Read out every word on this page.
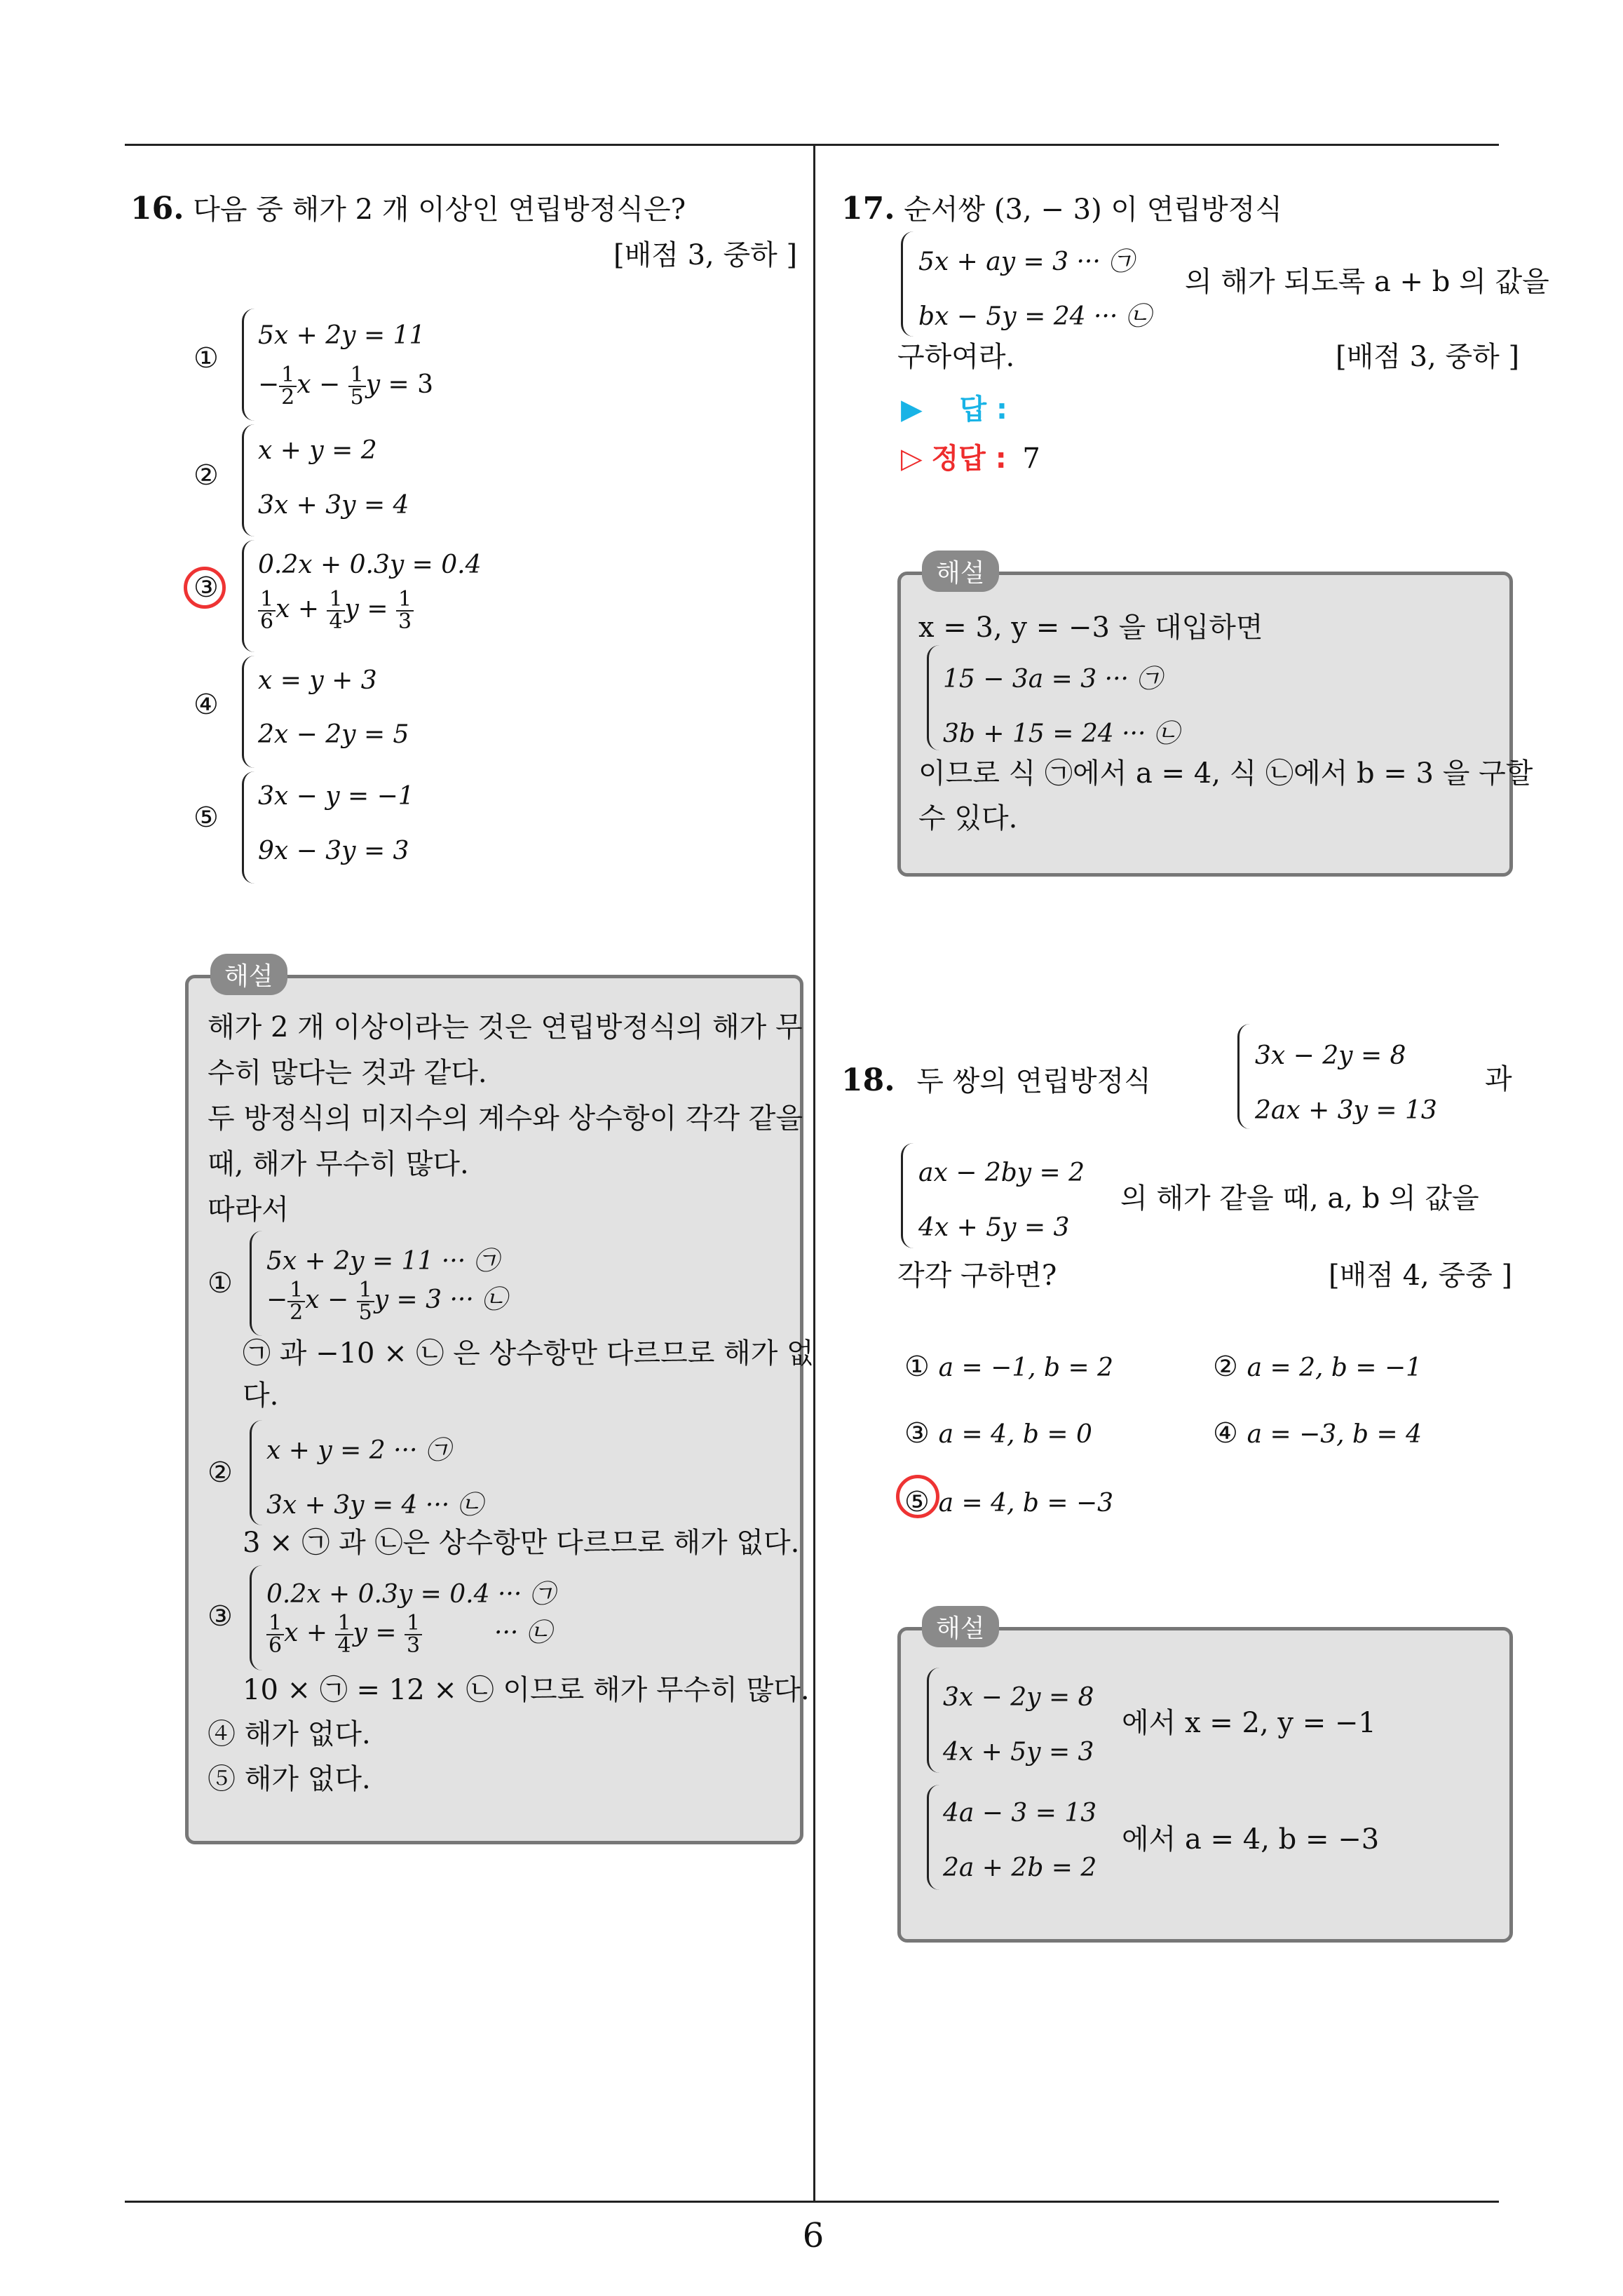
6
16. 다음 중 해가 2 개 이상인 연립방정식은?
[배점 3, 중하 ]
①
5x + 2y = 11
− $\frac{1}{2}$ $x - \frac{1}{5}$ y = 3
②
x + y = 2
3x + 3y = 4
③
0.2x + 0.3y = 0.4
$\frac{1}{6}$ $x + \frac{1}{4}$ $y = \frac{1}{3}$
④
x = y + 3
2x − 2y = 5
⑤
3x − y = −1
9x − 3y = 3
해설
해가 2 개 이상이라는 것은 연립방정식의 해가 무
수히 많다는 것과 같다.
두 방정식의 미지수의 계수와 상수항이 각각 같을
때, 해가 무수히 많다.
따라서
①
5x + 2y = 11 ··· ㉠
− $\frac{1}{2}$ $x - \frac{1}{5}$ y = 3 ··· ㉡
㉠ 과 −10 × ㉡ 은 상수항만 다르므로 해가 없
다.
②
x + y = 2 ··· ㉠
3x + 3y = 4 ··· ㉡
3 × ㉠ 과 ㉡은 상수항만 다르므로 해가 없다.
③
0.2x + 0.3y = 0.4 ··· ㉠
$\frac{1}{6}$ $x + \frac{1}{4}$ $y = \frac{1}{3}$	··· ㉡
10 × ㉠ = 12 × ㉡ 이므로 해가 무수히 많다.
④ 해가 없다.
⑤ 해가 없다.
17. 순서쌍 (3, − 3) 이 연립방정식
5x + ay = 3 ··· ㉠
bx − 5y = 24 ··· ㉡
의 해가 되도록 a + b 의 값을
구하여라.	[배점 3, 중하 ]
▶ 답 :
▷ 정답 : 7
해설
x = 3, y = −3 을 대입하면
15 − 3a = 3 ··· ㉠
3b + 15 = 24 ··· ㉡
이므로 식 ㉠에서 a = 4, 식 ㉡에서 b = 3 을 구할
수 있다.
18. 두 쌍의 연립방정식
3x − 2y = 8
2ax + 3y = 13
과
ax − 2by = 2
4x + 5y = 3
의 해가 같을 때, a, b 의 값을
각각 구하면?	[배점 4, 중중 ]
① a = −1, b = 2	② a = 2, b = −1
③ a = 4, b = 0	④ a = −3, b = 4
⑤ a = 4, b = −3
해설
3x − 2y = 8
4x + 5y = 3
에서 x = 2, y = −1
4a − 3 = 13
2a + 2b = 2
에서 a = 4, b = −3
